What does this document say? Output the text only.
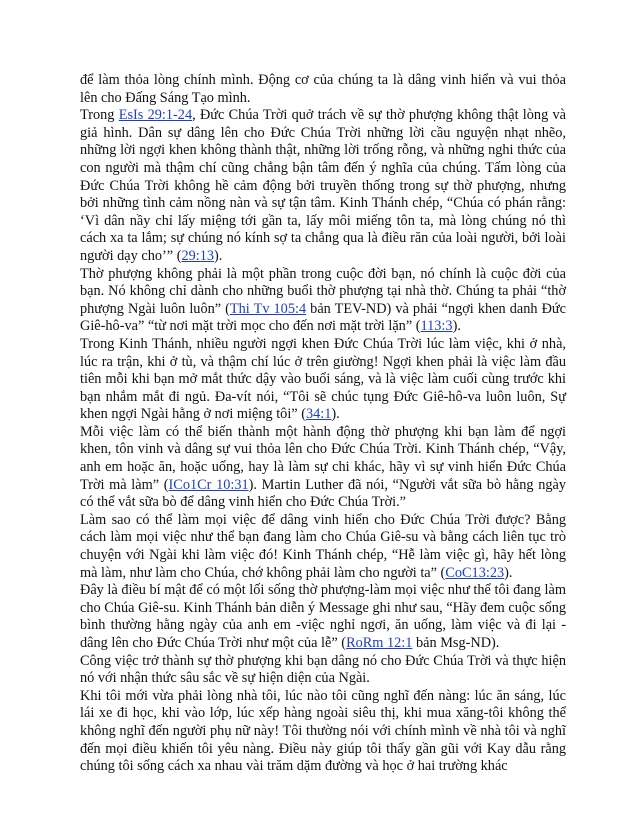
để làm thỏa lòng chính mình. Động cơ của chúng ta là dâng vinh hiển và vui thỏa lên cho Đấng Sáng Tạo mình.

Trong EsIs 29:1-24, Đức Chúa Trời quở trách về sự thờ phượng không thật lòng và giả hình. Dân sự dâng lên cho Đức Chúa Trời những lời cầu nguyện nhạt nhẽo, những lời ngợi khen không thành thật, những lời trống rỗng, và những nghi thức của con người mà thậm chí cũng chẳng bận tâm đến ý nghĩa của chúng. Tấm lòng của Đức Chúa Trời không hề cảm động bởi truyền thống trong sự thờ phượng, nhưng bởi những tình cảm nồng nàn và sự tận tâm. Kinh Thánh chép, “Chúa có phán rằng: ‘Vì dân nầy chỉ lấy miệng tới gần ta, lấy môi miếng tôn ta, mà lòng chúng nó thì cách xa ta lắm; sự chúng nó kính sợ ta chẳng qua là điều răn của loài người, bởi loài người dạy cho’” (29:13).

Thờ phượng không phải là một phần trong cuộc đời bạn, nó chính là cuộc đời của bạn. Nó không chỉ dành cho những buổi thờ phượng tại nhà thờ. Chúng ta phải “thờ phượng Ngài luôn luôn” (Thi Tv 105:4 bản TEV-ND) và phải “ngợi khen danh Đức Giê-hô-va” “từ nơi mặt trời mọc cho đến nơi mặt trời lặn” (113:3).

Trong Kinh Thánh, nhiều người ngợi khen Đức Chúa Trời lúc làm việc, khi ở nhà, lúc ra trận, khi ở tù, và thậm chí lúc ở trên giường! Ngợi khen phải là việc làm đầu tiên mỗi khi bạn mở mắt thức dậy vào buổi sáng, và là việc làm cuối cùng trước khi bạn nhắm mắt đi ngủ. Đa-vít nói, “Tôi sẽ chúc tụng Đức Giê-hô-va luôn luôn, Sự khen ngợi Ngài hằng ở nơi miệng tôi” (34:1).

Mỗi việc làm có thể biến thành một hành động thờ phượng khi bạn làm để ngợi khen, tôn vinh và dâng sự vui thỏa lên cho Đức Chúa Trời. Kinh Thánh chép, “Vậy, anh em hoặc ăn, hoặc uống, hay là làm sự chi khác, hãy vì sự vinh hiển Đức Chúa Trời mà làm” (ICo1Cr 10:31). Martin Luther đã nói, “Người vắt sữa bò hằng ngày có thể vắt sữa bò để dâng vinh hiển cho Đức Chúa Trời.”

Làm sao có thể làm mọi việc để dâng vinh hiển cho Đức Chúa Trời được? Bằng cách làm mọi việc như thể bạn đang làm cho Chúa Giê-su và bằng cách liên tục trò chuyện với Ngài khi làm việc đó! Kinh Thánh chép, “Hễ làm việc gì, hãy hết lòng mà làm, như làm cho Chúa, chớ không phải làm cho người ta” (CoC13:23).

Đây là điều bí mật để có một lối sống thờ phượng-làm mọi việc như thể tôi đang làm cho Chúa Giê-su. Kinh Thánh bản diễn ý Message ghi như sau, “Hãy đem cuộc sống bình thường hằng ngày của anh em -việc nghỉ ngơi, ăn uống, làm việc và đi lại -dâng lên cho Đức Chúa Trời như một của lễ” (RoRm 12:1 bản Msg-ND).

Công việc trở thành sự thờ phượng khi bạn dâng nó cho Đức Chúa Trời và thực hiện nó với nhận thức sâu sắc về sự hiện diện của Ngài.

Khi tôi mới vừa phải lòng nhà tôi, lúc nào tôi cũng nghĩ đến nàng: lúc ăn sáng, lúc lái xe đi học, khi vào lớp, lúc xếp hàng ngoài siêu thị, khi mua xăng-tôi không thể không nghĩ đến người phụ nữ này! Tôi thường nói với chính mình về nhà tôi và nghĩ đến mọi điều khiến tôi yêu nàng. Điều này giúp tôi thấy gần gũi với Kay dẫu rằng chúng tôi sống cách xa nhau vài trăm dặm đường và học ở hai trường khác
